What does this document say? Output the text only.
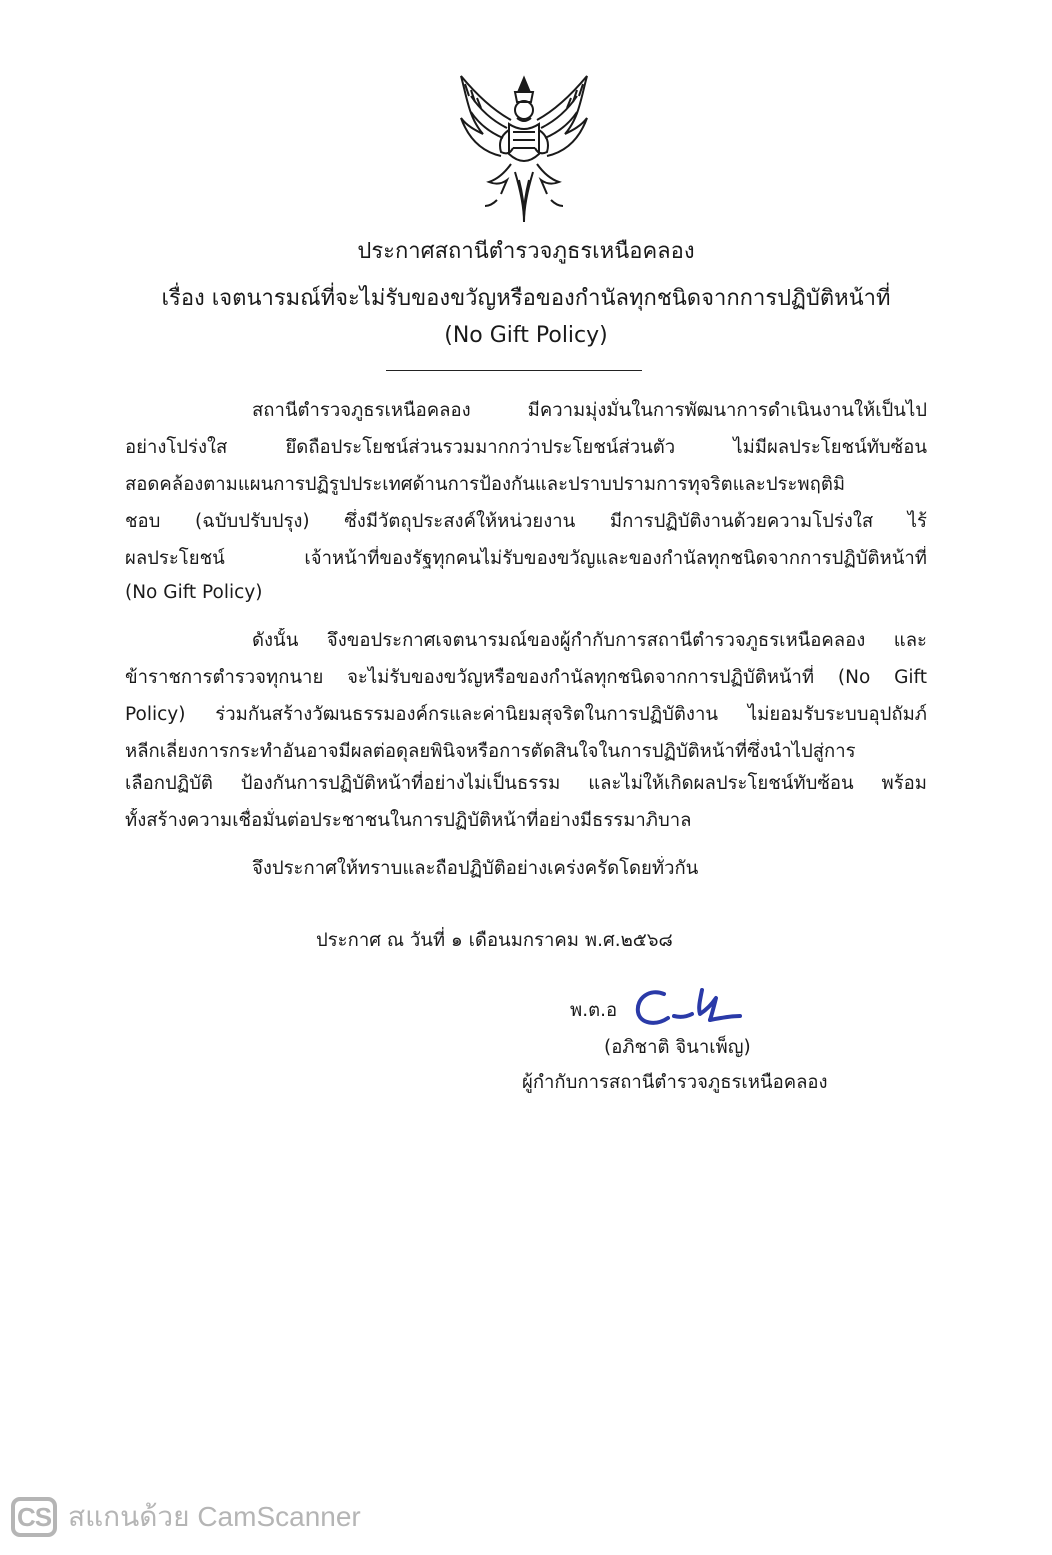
ประกาศสถานีตำรวจภูธรเหนือคลอง
เรื่อง เจตนารมณ์ที่จะไม่รับของขวัญหรือของกำนัลทุกชนิดจากการปฏิบัติหน้าที่
(No Gift Policy)
สถานีตำรวจภูธรเหนือคลอง มีความมุ่งมั่นในการพัฒนาการดำเนินงานให้เป็นไป
อย่างโปร่งใส ยึดถือประโยชน์ส่วนรวมมากกว่าประโยชน์ส่วนตัว ไม่มีผลประโยชน์ทับซ้อน
สอดคล้องตามแผนการปฏิรูปประเทศด้านการป้องกันและปราบปรามการทุจริตและประพฤติมิ
ชอบ (ฉบับปรับปรุง) ซึ่งมีวัตถุประสงค์ให้หน่วยงาน มีการปฏิบัติงานด้วยความโปร่งใส ไร้
ผลประโยชน์ เจ้าหน้าที่ของรัฐทุกคนไม่รับของขวัญและของกำนัลทุกชนิดจากการปฏิบัติหน้าที่
(No Gift Policy)
ดังนั้น จึงขอประกาศเจตนารมณ์ของผู้กำกับการสถานีตำรวจภูธรเหนือคลอง และ
ข้าราชการตำรวจทุกนาย จะไม่รับของขวัญหรือของกำนัลทุกชนิดจากการปฏิบัติหน้าที่ (No Gift
Policy) ร่วมกันสร้างวัฒนธรรมองค์กรและค่านิยมสุจริตในการปฏิบัติงาน ไม่ยอมรับระบบอุปถัมภ์
หลีกเลี่ยงการกระทำอันอาจมีผลต่อดุลยพินิจหรือการตัดสินใจในการปฏิบัติหน้าที่ซึ่งนำไปสู่การ
เลือกปฏิบัติ ป้องกันการปฏิบัติหน้าที่อย่างไม่เป็นธรรม และไม่ให้เกิดผลประโยชน์ทับซ้อน พร้อม
ทั้งสร้างความเชื่อมั่นต่อประชาชนในการปฏิบัติหน้าที่อย่างมีธรรมาภิบาล
จึงประกาศให้ทราบและถือปฏิบัติอย่างเคร่งครัดโดยทั่วกัน
ประกาศ ณ วันที่ ๑ เดือนมกราคม พ.ศ.๒๕๖๘
พ.ต.อ
(อภิชาติ จินาเพ็ญ)
ผู้กำกับการสถานีตำรวจภูธรเหนือคลอง
CS สแกนด้วย CamScanner
